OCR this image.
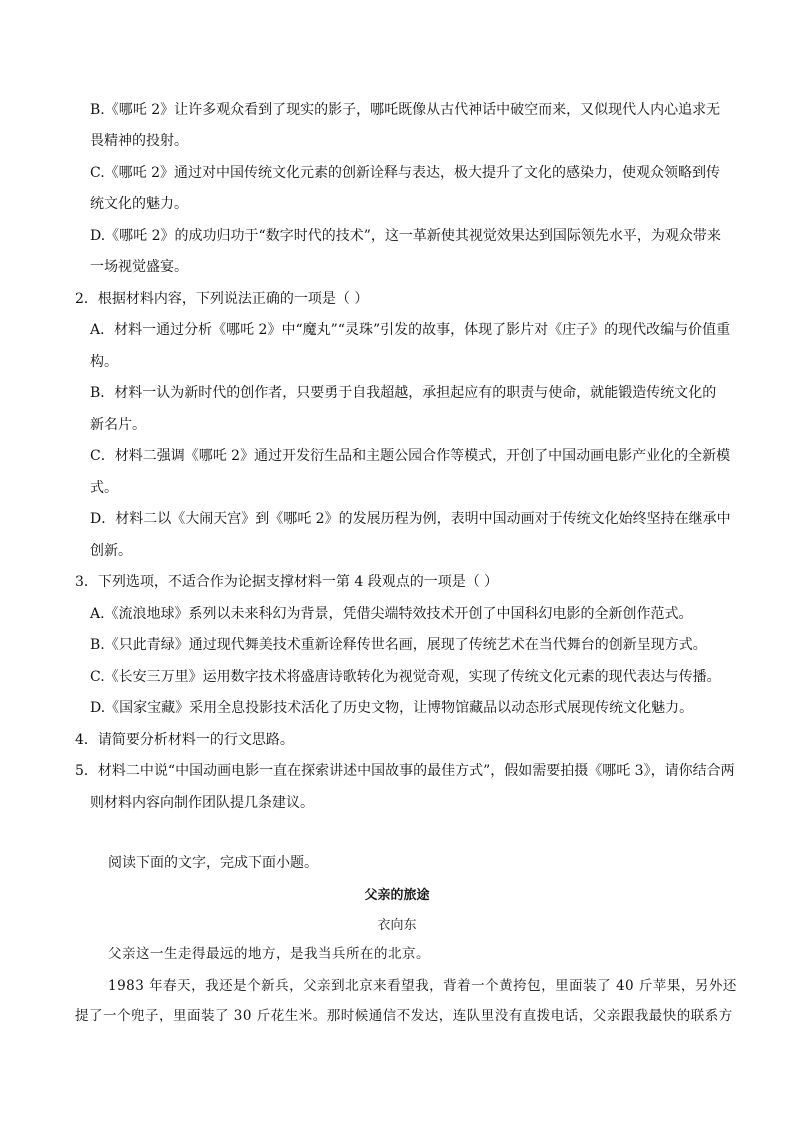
B.《哪吒 2》让许多观众看到了现实的影子，哪吒既像从古代神话中破空而来，又似现代人内心追求无
畏精神的投射。
C.《哪吒 2》通过对中国传统文化元素的创新诠释与表达，极大提升了文化的感染力，使观众领略到传
统文化的魅力。
D.《哪吒 2》的成功归功于“数字时代的技术”，这一革新使其视觉效果达到国际领先水平，为观众带来
一场视觉盛宴。
2．根据材料内容，下列说法正确的一项是（ ）
A．材料一通过分析《哪吒 2》中“魔丸”“灵珠”引发的故事，体现了影片对《庄子》的现代改编与价值重
构。
B．材料一认为新时代的创作者，只要勇于自我超越，承担起应有的职责与使命，就能锻造传统文化的
新名片。
C．材料二强调《哪吒 2》通过开发衍生品和主题公园合作等模式，开创了中国动画电影产业化的全新模
式。
D．材料二以《大闹天宫》到《哪吒 2》的发展历程为例，表明中国动画对于传统文化始终坚持在继承中
创新。
3．下列选项，不适合作为论据支撑材料一第 4 段观点的一项是（ ）
A.《流浪地球》系列以未来科幻为背景，凭借尖端特效技术开创了中国科幻电影的全新创作范式。
B.《只此青绿》通过现代舞美技术重新诠释传世名画，展现了传统艺术在当代舞台的创新呈现方式。
C.《长安三万里》运用数字技术将盛唐诗歌转化为视觉奇观，实现了传统文化元素的现代表达与传播。
D.《国家宝藏》采用全息投影技术活化了历史文物，让博物馆藏品以动态形式展现传统文化魅力。
4．请简要分析材料一的行文思路。
5．材料二中说“中国动画电影一直在探索讲述中国故事的最佳方式”，假如需要拍摄《哪吒 3》，请你结合两
则材料内容向制作团队提几条建议。
阅读下面的文字，完成下面小题。
父亲的旅途
衣向东
父亲这一生走得最远的地方，是我当兵所在的北京。
1983 年春天，我还是个新兵，父亲到北京来看望我，背着一个黄挎包，里面装了 40 斤苹果，另外还
提了一个兜子，里面装了 30 斤花生米。那时候通信不发达，连队里没有直拨电话，父亲跟我最快的联系方
